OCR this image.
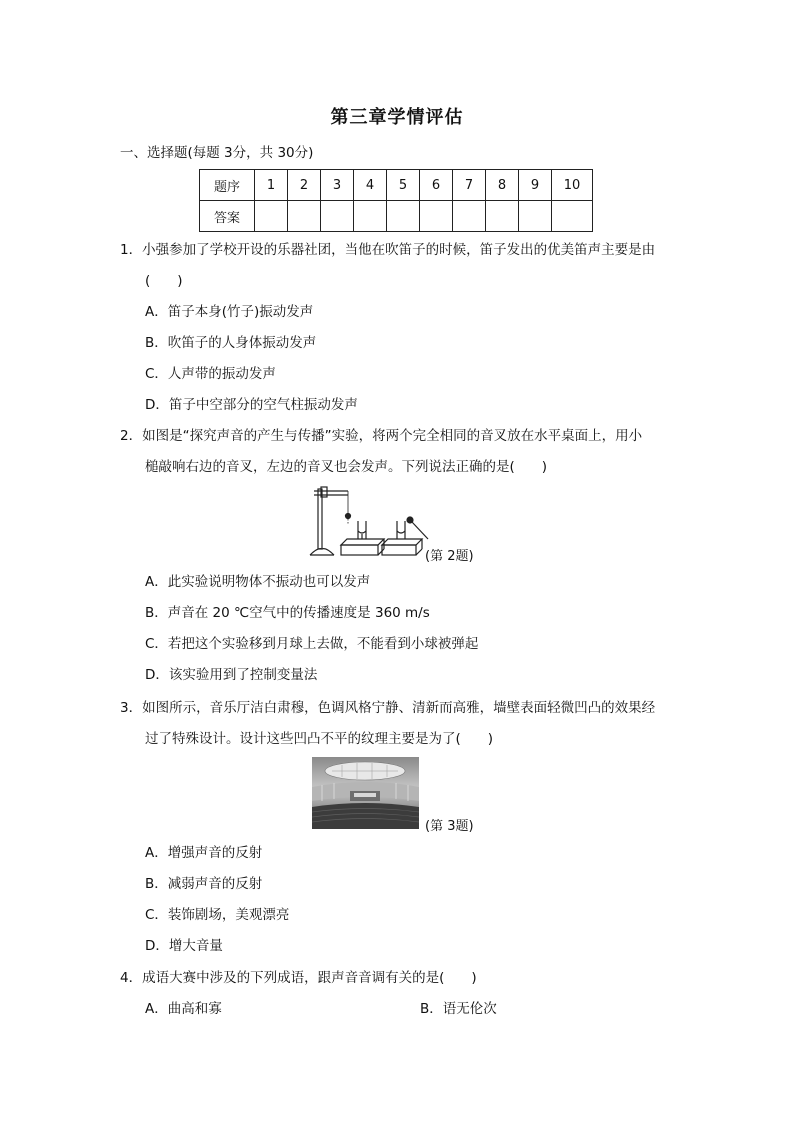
第三章学情评估
一、选择题(每题 3分，共 30分)
题序	1	2	3	4	5	6	7	8	9	10
答案										
1．小强参加了学校开设的乐器社团，当他在吹笛子的时候，笛子发出的优美笛声主要是由
(　　)
A．笛子本身(竹子)振动发声
B．吹笛子的人身体振动发声
C．人声带的振动发声
D．笛子中空部分的空气柱振动发声
2．如图是“探究声音的产生与传播”实验，将两个完全相同的音叉放在水平桌面上，用小
槌敲响右边的音叉，左边的音叉也会发声。下列说法正确的是(　　)
(第 2题)
A．此实验说明物体不振动也可以发声
B．声音在 20 ℃空气中的传播速度是 360 m/s
C．若把这个实验移到月球上去做，不能看到小球被弹起
D．该实验用到了控制变量法
3．如图所示，音乐厅洁白肃穆，色调风格宁静、清新而高雅，墙壁表面轻微凹凸的效果经
过了特殊设计。设计这些凹凸不平的纹理主要是为了(　　)
(第 3题)
A．增强声音的反射
B．减弱声音的反射
C．装饰剧场，美观漂亮
D．增大音量
4．成语大赛中涉及的下列成语，跟声音音调有关的是(　　)
A．曲高和寡	B．语无伦次
